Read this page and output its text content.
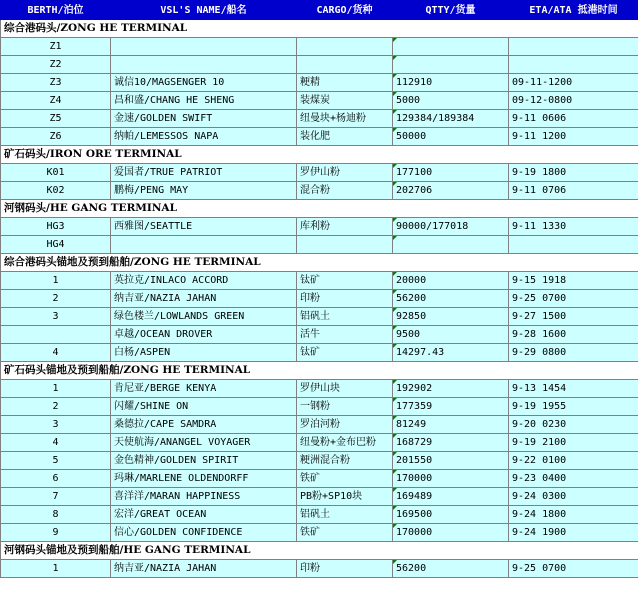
BERTH/泊位	VSL'S NAME/船名	CARGO/货种	QTTY/货量	ETA/ATA 抵港时间
综合港码头/ZONG HE TERMINAL				
Z1				
Z2				
Z3	诚信10/MAGSENGER 10	粳精	112910	09-11-1200
Z4	昌和盛/CHANG HE SHENG	装煤炭	5000	09-12-0800
Z5	金速/GOLDEN SWIFT	纽曼块+杨迪粉	129384/189384	9-11 0606
Z6	纳帕/LEMESSOS NAPA	装化肥	50000	9-11 1200
矿石码头/IRON ORE TERMINAL				
K01	爱国者/TRUE PATRIOT	罗伊山粉	177100	9-19 1800
K02	鹏梅/PENG MAY	混合粉	202706	9-11 0706
河钢码头/HE GANG TERMINAL				
HG3	西雅图/SEATTLE	库利粉	90000/177018	9-11 1330
HG4				
综合港码头锚地及预到船舶/ZONG HE TERMINAL				
1	英拉克/INLACO ACCORD	钛矿	20000	9-15 1918
2	纳吉亚/NAZIA JAHAN	印粉	56200	9-25 0700
3	绿色楼兰/LOWLANDS GREEN	铝矾土	92850	9-27 1500
	卓越/OCEAN DROVER	活牛	9500	9-28 1600
4	白杨/ASPEN	钛矿	14297.43	9-29 0800
矿石码头锚地及预到船舶/ZONG HE TERMINAL				
1	肯尼亚/BERGE KENYA	罗伊山块	192902	9-13 1454
2	闪耀/SHINE ON	一钢粉	177359	9-19 1955
3	桑德拉/CAPE SAMDRA	罗泊河粉	81249	9-20 0230
4	天使航海/ANANGEL VOYAGER	纽曼粉+金布巴粉	168729	9-19 2100
5	金色精神/GOLDEN SPIRIT	粳洲混合粉	201550	9-22 0100
6	玛琳/MARLENE OLDENDORFF	铁矿	170000	9-23 0400
7	喜洋洋/MARAN HAPPINESS	PB粉+SP10块	169489	9-24 0300
8	宏洋/GREAT OCEAN	铝矾土	169500	9-24 1800
9	信心/GOLDEN CONFIDENCE	铁矿	170000	9-24 1900
河钢码头锚地及预到船舶/HE GANG TERMINAL				
1	纳吉亚/NAZIA JAHAN	印粉	56200	9-25 0700
